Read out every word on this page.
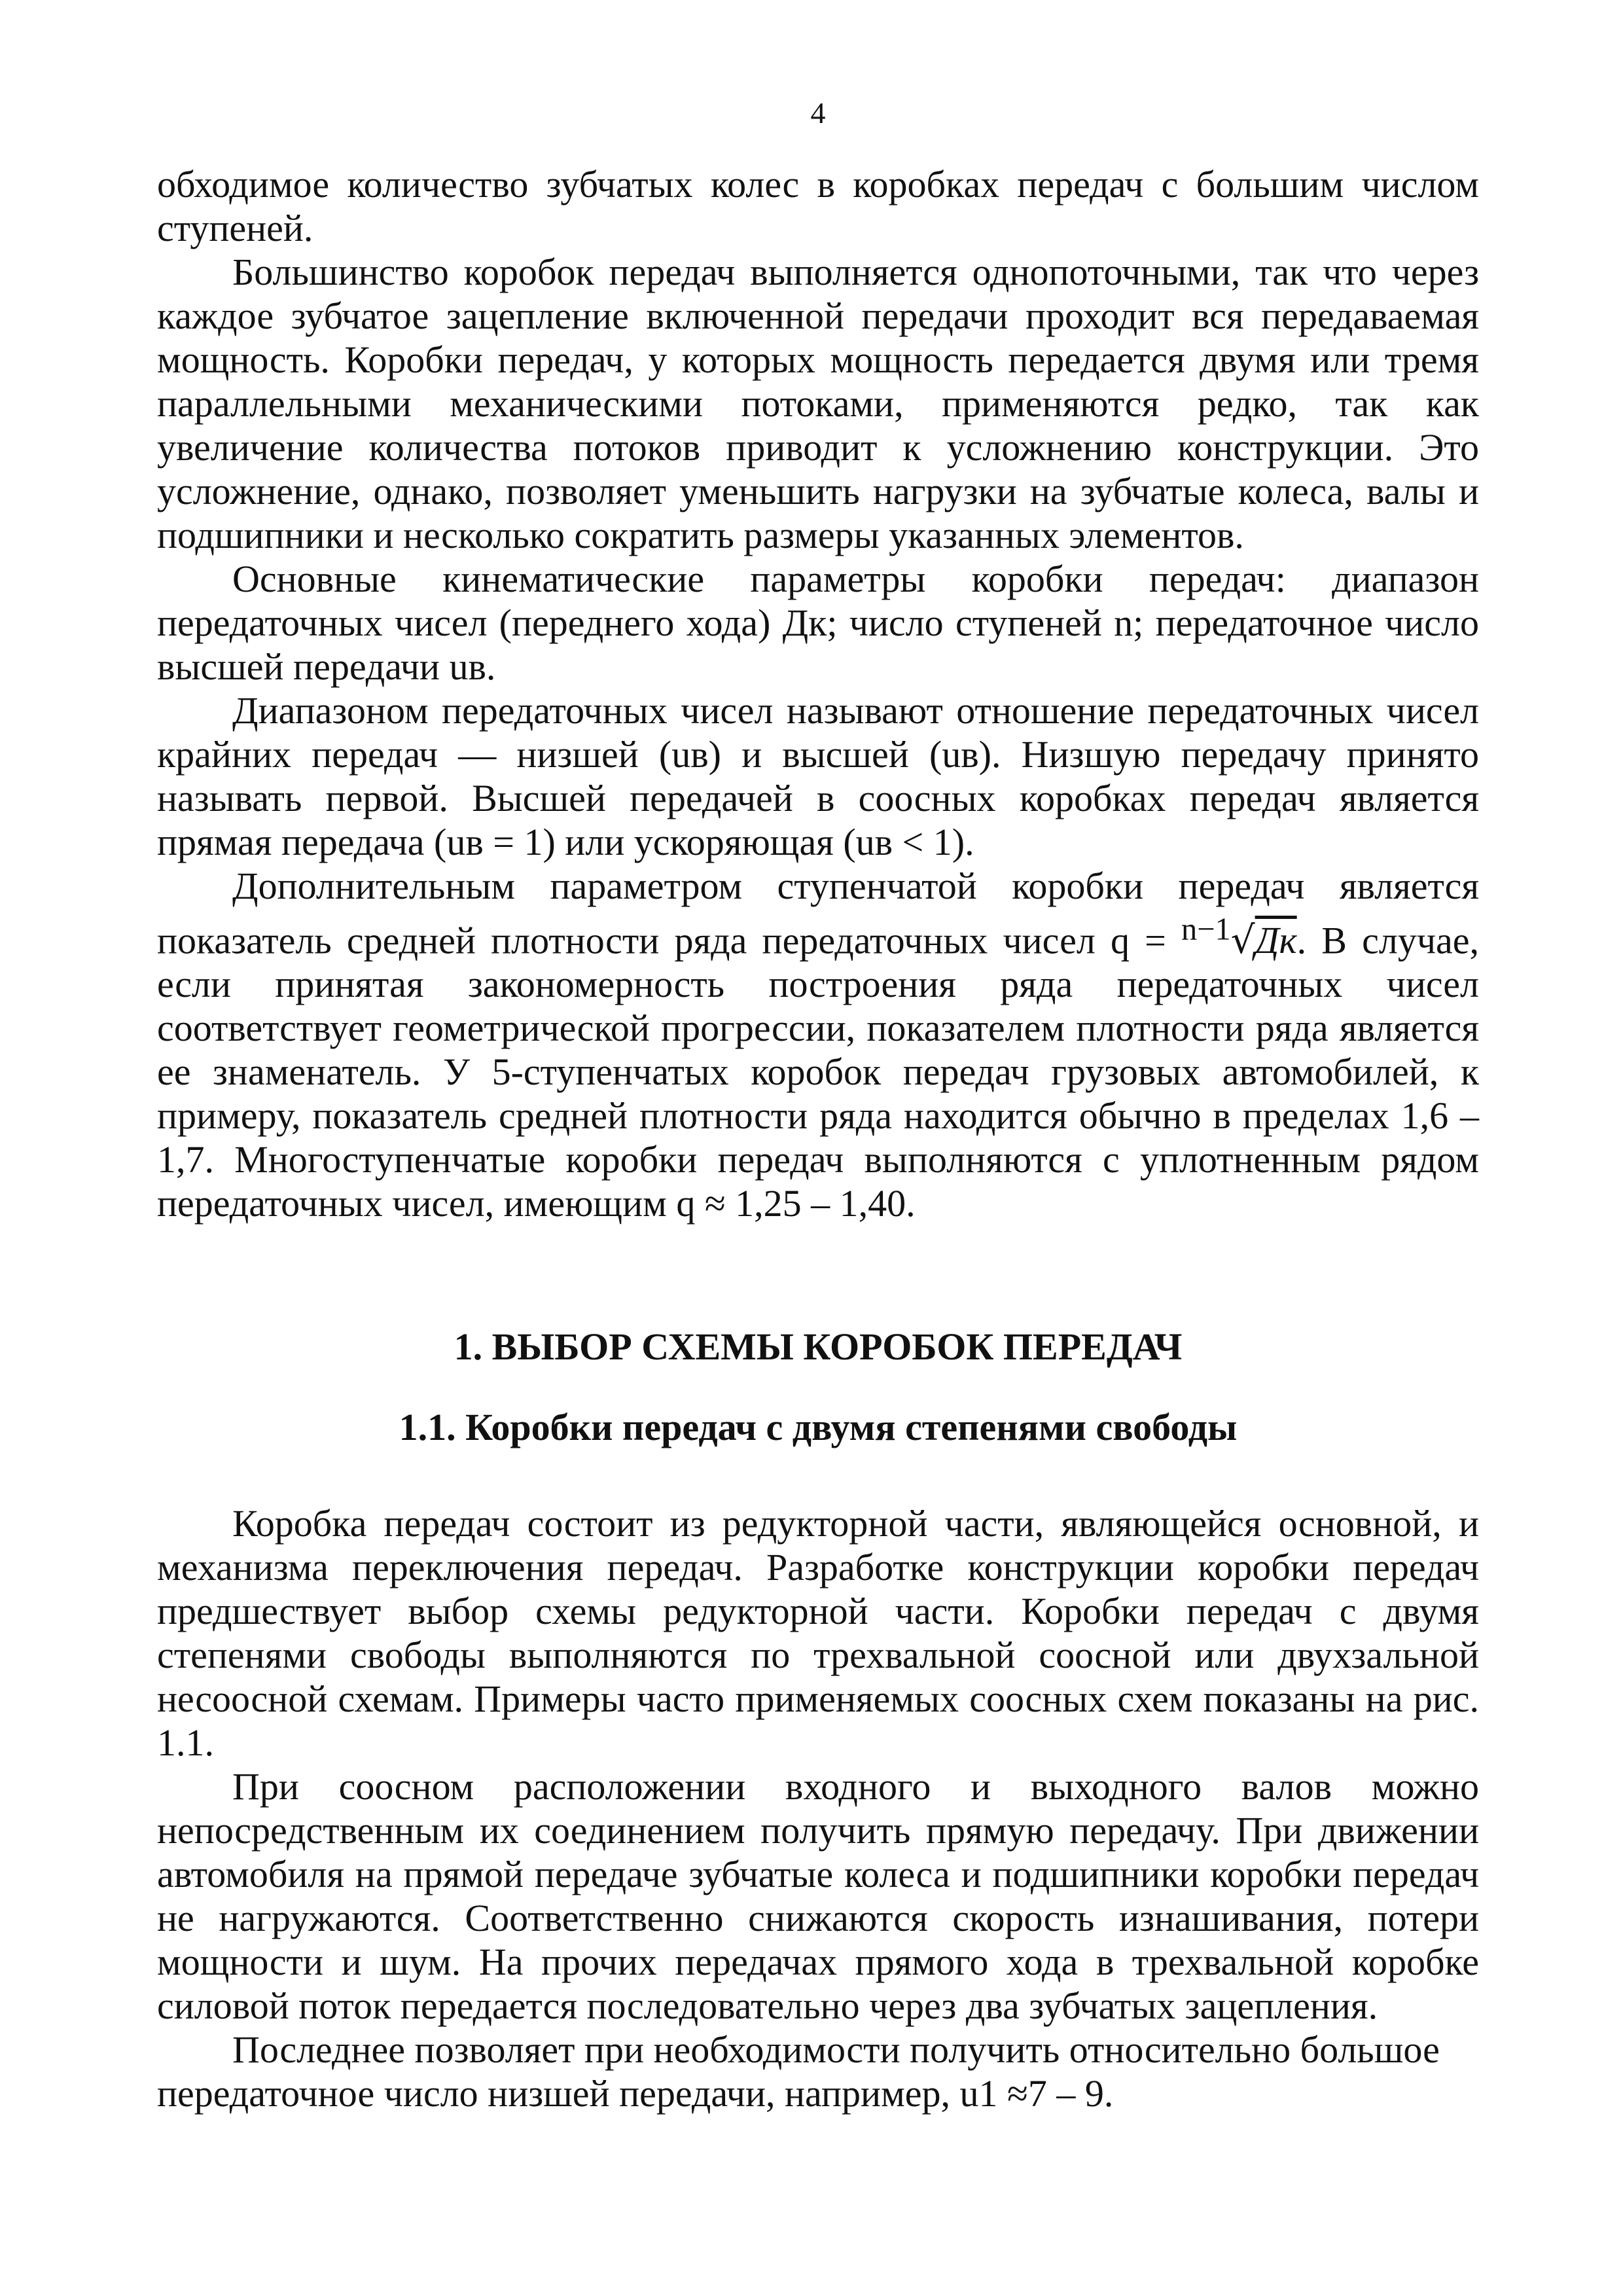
4

обходимое количество зубчатых колес в коробках передач с большим числом ступеней.

Большинство коробок передач выполняется однопоточными, так что через каждое зубчатое зацепление включенной передачи проходит вся передаваемая мощность. Коробки передач, у которых мощность передается двумя или тремя параллельными механическими потоками, применяются редко, так как увеличение количества потоков приводит к усложнению конструкции. Это усложнение, однако, позволяет уменьшить нагрузки на зубчатые колеса, валы и подшипники и несколько сократить размеры указанных элементов.

Основные кинематические параметры коробки передач: диапазон передаточных чисел (переднего хода) Дк; число ступеней n; передаточное число высшей передачи uв.

Диапазоном передаточных чисел называют отношение передаточных чисел крайних передач — низшей (uв) и высшей (uв). Низшую передачу принято называть первой. Высшей передачей в соосных коробках передач является прямая передача (uв = 1) или ускоряющая (uв < 1).

Дополнительным параметром ступенчатой коробки передач является показатель средней плотности ряда передаточных чисел q = $^{n-1}$√Дк. В случае, если принятая закономерность построения ряда передаточных чисел соответствует геометрической прогрессии, показателем плотности ряда является ее знаменатель. У 5-ступенчатых коробок передач грузовых автомобилей, к примеру, показатель средней плотности ряда находится обычно в пределах 1,6 – 1,7. Многоступенчатые коробки передач выполняются с уплотненным рядом передаточных чисел, имеющим q ≈ 1,25 – 1,40.

1. ВЫБОР СХЕМЫ КОРОБОК ПЕРЕДАЧ
1.1. Коробки передач с двумя степенями свободы

Коробка передач состоит из редукторной части, являющейся основной, и механизма переключения передач. Разработке конструкции коробки передач предшествует выбор схемы редукторной части. Коробки передач с двумя степенями свободы выполняются по трехвальной соосной или двухзальной несоосной схемам. Примеры часто применяемых соосных схем показаны на рис. 1.1.

При соосном расположении входного и выходного валов можно непосредственным их соединением получить прямую передачу. При движении автомобиля на прямой передаче зубчатые колеса и подшипники коробки передач не нагружаются. Соответственно снижаются скорость изнашивания, потери мощности и шум. На прочих передачах прямого хода в трехвальной коробке силовой поток передается последовательно через два зубчатых зацепления.

Последнее позволяет при необходимости получить относительно большое передаточное число низшей передачи, например, u1 ≈7 – 9.
